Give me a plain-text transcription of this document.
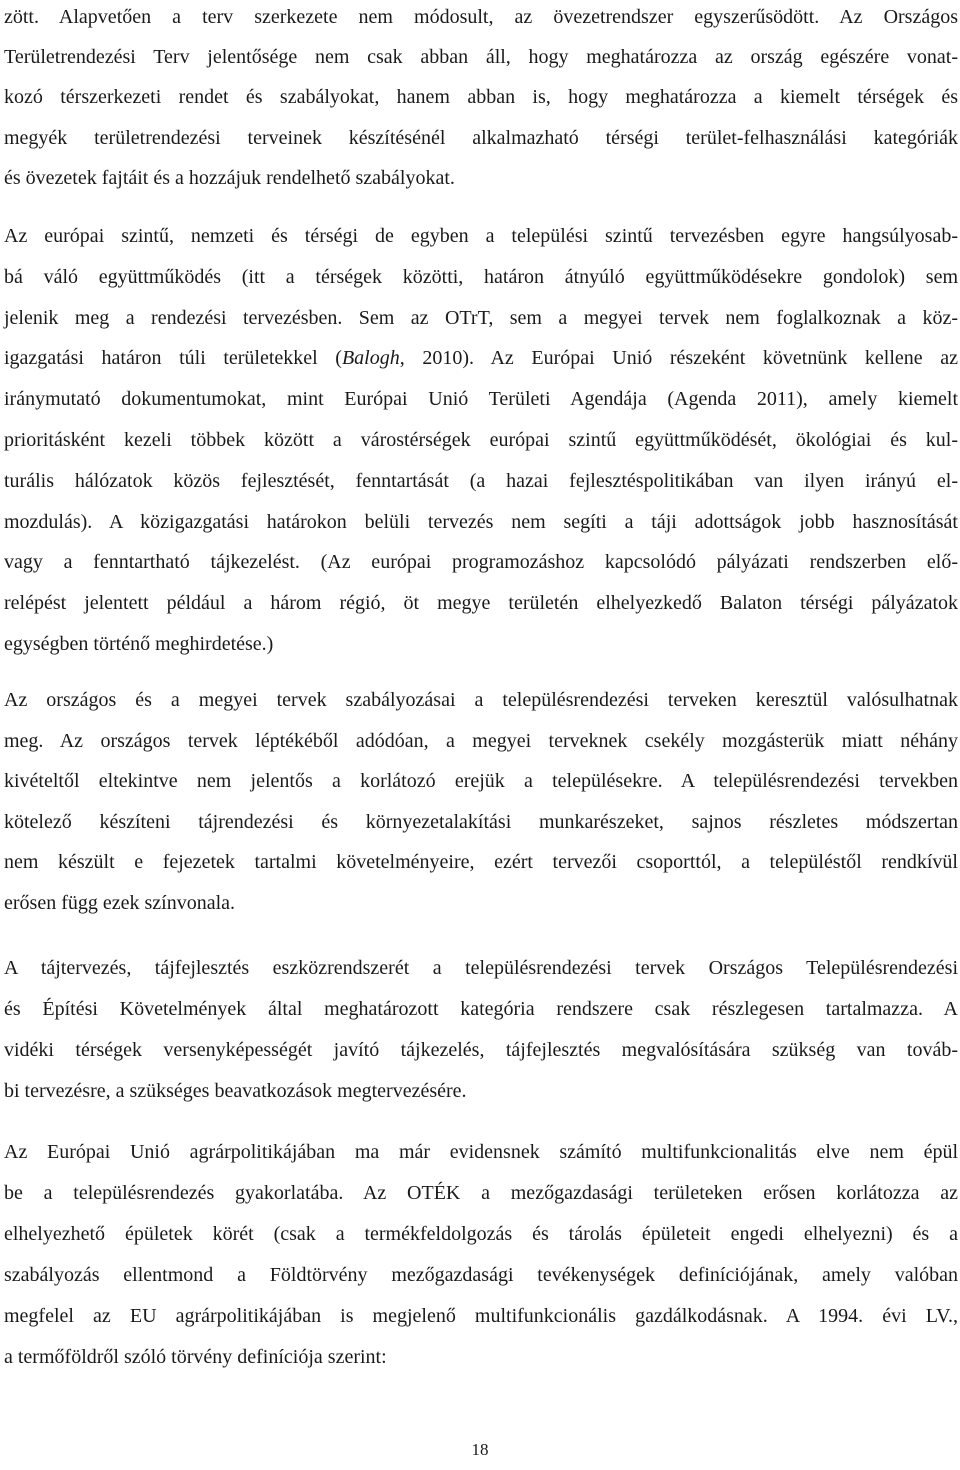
zött. Alapvetően a terv szerkezete nem módosult, az övezetrendszer egyszerűsödött. Az Országos
Területrendezési Terv jelentősége nem csak abban áll, hogy meghatározza az ország egészére vonat-
kozó térszerkezeti rendet és szabályokat, hanem abban is, hogy meghatározza a kiemelt térségek és
megyék területrendezési terveinek készítésénél alkalmazható térségi terület-felhasználási kategóriák
és övezetek fajtáit és a hozzájuk rendelhető szabályokat.
Az európai szintű, nemzeti és térségi de egyben a települési szintű tervezésben egyre hangsúlyosab-
bá váló együttműködés (itt a térségek közötti, határon átnyúló együttműködésekre gondolok) sem
jelenik meg a rendezési tervezésben. Sem az OTrT, sem a megyei tervek nem foglalkoznak a köz-
igazgatási határon túli területekkel (Balogh, 2010). Az Európai Unió részeként követnünk kellene az
iránymutató dokumentumokat, mint Európai Unió Területi Agendája (Agenda 2011), amely kiemelt
prioritásként kezeli többek között a várostérségek európai szintű együttműködését, ökológiai és kul-
turális hálózatok közös fejlesztését, fenntartását (a hazai fejlesztéspolitikában van ilyen irányú el-
mozdulás). A közigazgatási határokon belüli tervezés nem segíti a táji adottságok jobb hasznosítását
vagy a fenntartható tájkezelést. (Az európai programozáshoz kapcsolódó pályázati rendszerben elő-
relépést jelentett például a három régió, öt megye területén elhelyezkedő Balaton térségi pályázatok
egységben történő meghirdetése.)
Az országos és a megyei tervek szabályozásai a településrendezési terveken keresztül valósulhatnak
meg. Az országos tervek léptékéből adódóan, a megyei terveknek csekély mozgásterük miatt néhány
kivételtől eltekintve nem jelentős a korlátozó erejük a településekre. A településrendezési tervekben
kötelező készíteni tájrendezési és környezetalakítási munkarészeket, sajnos részletes módszertan
nem készült e fejezetek tartalmi követelményeire, ezért tervezői csoporttól, a településtől rendkívül
erősen függ ezek színvonala.
A tájtervezés, tájfejlesztés eszközrendszerét a településrendezési tervek Országos Településrendezési
és Építési Követelmények által meghatározott kategória rendszere csak részlegesen tartalmazza. A
vidéki térségek versenyképességét javító tájkezelés, tájfejlesztés megvalósítására szükség van továb-
bi tervezésre, a szükséges beavatkozások megtervezésére.
Az Európai Unió agrárpolitikájában ma már evidensnek számító multifunkcionalitás elve nem épül
be a településrendezés gyakorlatába. Az OTÉK a mezőgazdasági területeken erősen korlátozza az
elhelyezhető épületek körét (csak a termékfeldolgozás és tárolás épületeit engedi elhelyezni) és a
szabályozás ellentmond a Földtörvény mezőgazdasági tevékenységek definíciójának, amely valóban
megfelel az EU agrárpolitikájában is megjelenő multifunkcionális gazdálkodásnak. A 1994. évi LV.,
a termőföldről szóló törvény definíciója szerint:
18
